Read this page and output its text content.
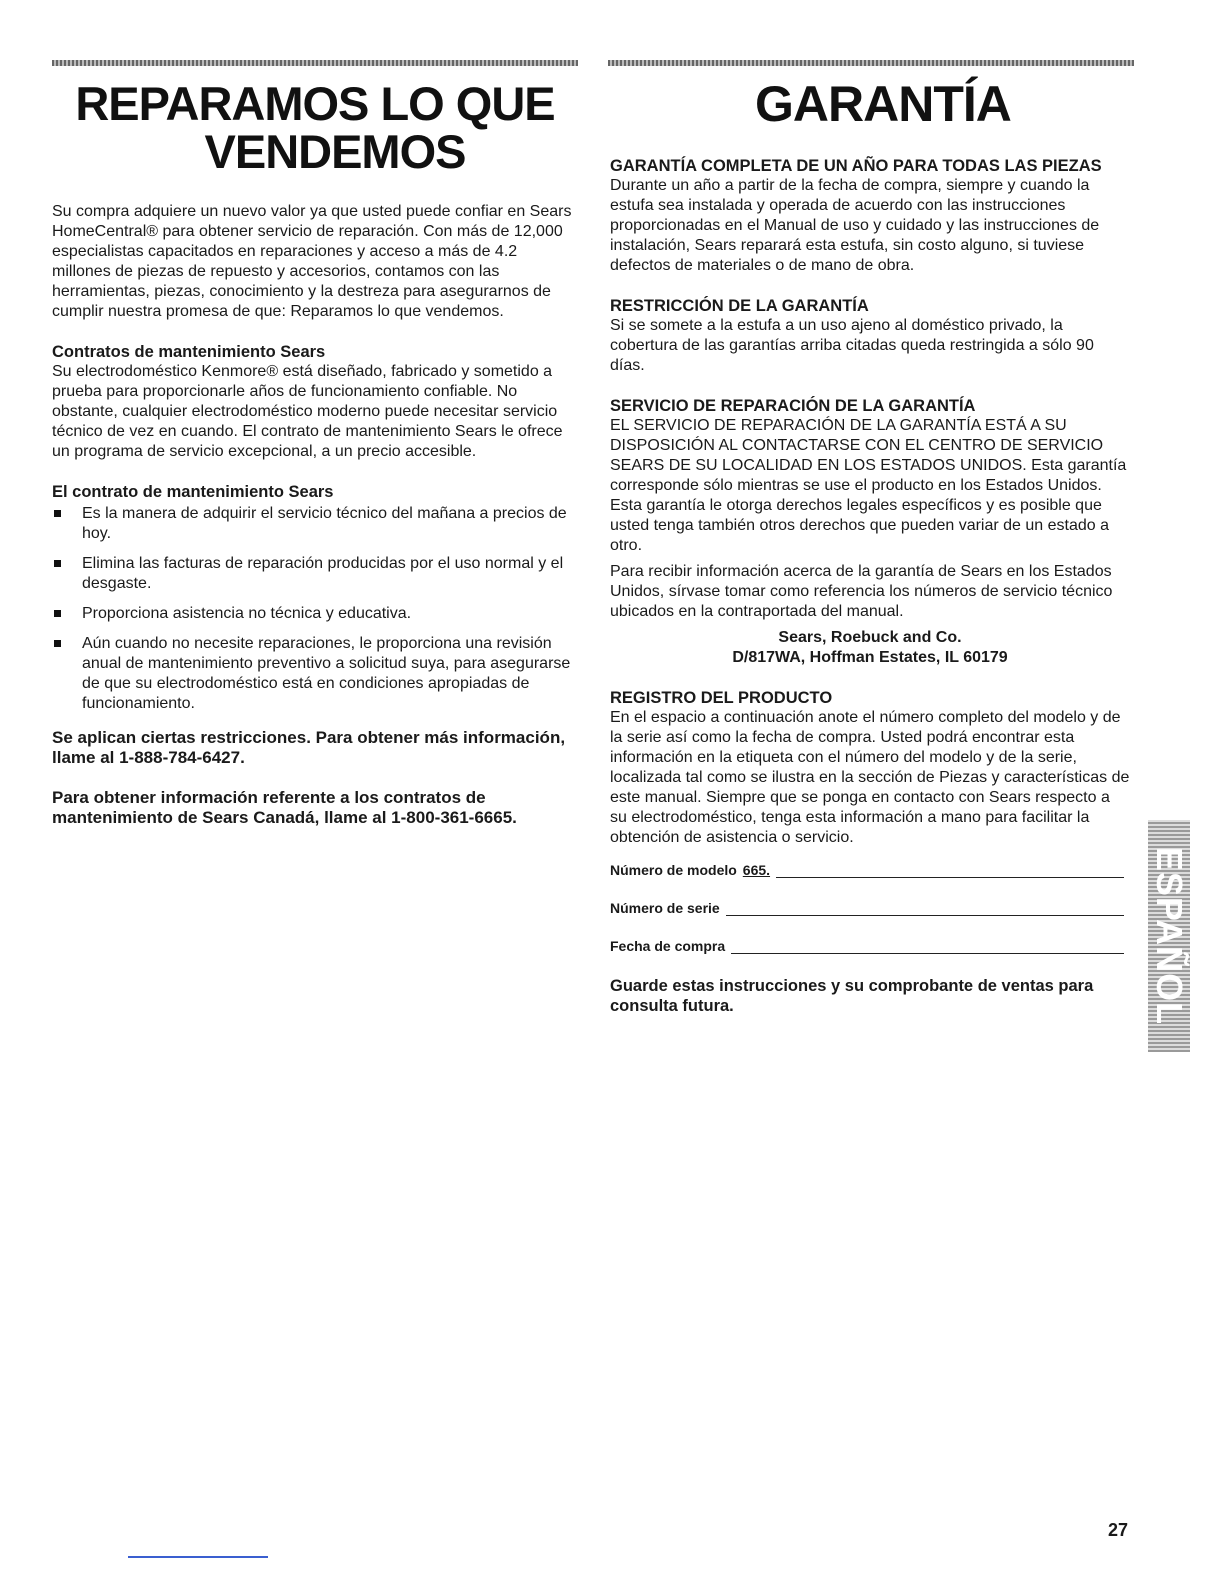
REPARAMOS LO QUE
VENDEMOS

Su compra adquiere un nuevo valor ya que usted puede confiar en Sears HomeCentral® para obtener servicio de reparación. Con más de 12,000 especialistas capacitados en reparaciones y acceso a más de 4.2 millones de piezas de repuesto y accesorios, contamos con las herramientas, piezas, conocimiento y la destreza para asegurarnos de cumplir nuestra promesa de que: Reparamos lo que vendemos.

Contratos de mantenimiento Sears

Su electrodoméstico Kenmore® está diseñado, fabricado y sometido a prueba para proporcionarle años de funcionamiento confiable. No obstante, cualquier electrodoméstico moderno puede necesitar servicio técnico de vez en cuando. El contrato de mantenimiento Sears le ofrece un programa de servicio excepcional, a un precio accesible.

El contrato de mantenimiento Sears
Es la manera de adquirir el servicio técnico del mañana a precios de hoy.
Elimina las facturas de reparación producidas por el uso normal y el desgaste.
Proporciona asistencia no técnica y educativa.
Aún cuando no necesite reparaciones, le proporciona una revisión anual de mantenimiento preventivo a solicitud suya, para asegurarse de que su electrodoméstico está en condiciones apropiadas de funcionamiento.

Se aplican ciertas restricciones. Para obtener más información, llame al 1-888-784-6427.

Para obtener información referente a los contratos de mantenimiento de Sears Canadá, llame al 1-800-361-6665.

GARANTÍA
GARANTÍA COMPLETA DE UN AÑO PARA TODAS LAS PIEZAS

Durante un año a partir de la fecha de compra, siempre y cuando la estufa sea instalada y operada de acuerdo con las instrucciones proporcionadas en el Manual de uso y cuidado y las instrucciones de instalación, Sears reparará esta estufa, sin costo alguno, si tuviese defectos de materiales o de mano de obra.

RESTRICCIÓN DE LA GARANTÍA

Si se somete a la estufa a un uso ajeno al doméstico privado, la cobertura de las garantías arriba citadas queda restringida a sólo 90 días.

SERVICIO DE REPARACIÓN DE LA GARANTÍA

EL SERVICIO DE REPARACIÓN DE LA GARANTÍA ESTÁ A SU DISPOSICIÓN AL CONTACTARSE CON EL CENTRO DE SERVICIO SEARS DE SU LOCALIDAD EN LOS ESTADOS UNIDOS. Esta garantía corresponde sólo mientras se use el producto en los Estados Unidos. Esta garantía le otorga derechos legales específicos y es posible que usted tenga también otros derechos que pueden variar de un estado a otro.

Para recibir información acerca de la garantía de Sears en los Estados Unidos, sírvase tomar como referencia los números de servicio técnico ubicados en la contraportada del manual.

Sears, Roebuck and Co.
D/817WA, Hoffman Estates, IL 60179
REGISTRO DEL PRODUCTO

En el espacio a continuación anote el número completo del modelo y de la serie así como la fecha de compra. Usted podrá encontrar esta información en la etiqueta con el número del modelo y de la serie, localizada tal como se ilustra en la sección de Piezas y características de este manual. Siempre que se ponga en contacto con Sears respecto a su electrodoméstico, tenga esta información a mano para facilitar la obtención de asistencia o servicio.

Número de modelo 665.
Número de serie
Fecha de compra

Guarde estas instrucciones y su comprobante de ventas para consulta futura.	ESPAÑOL
27
